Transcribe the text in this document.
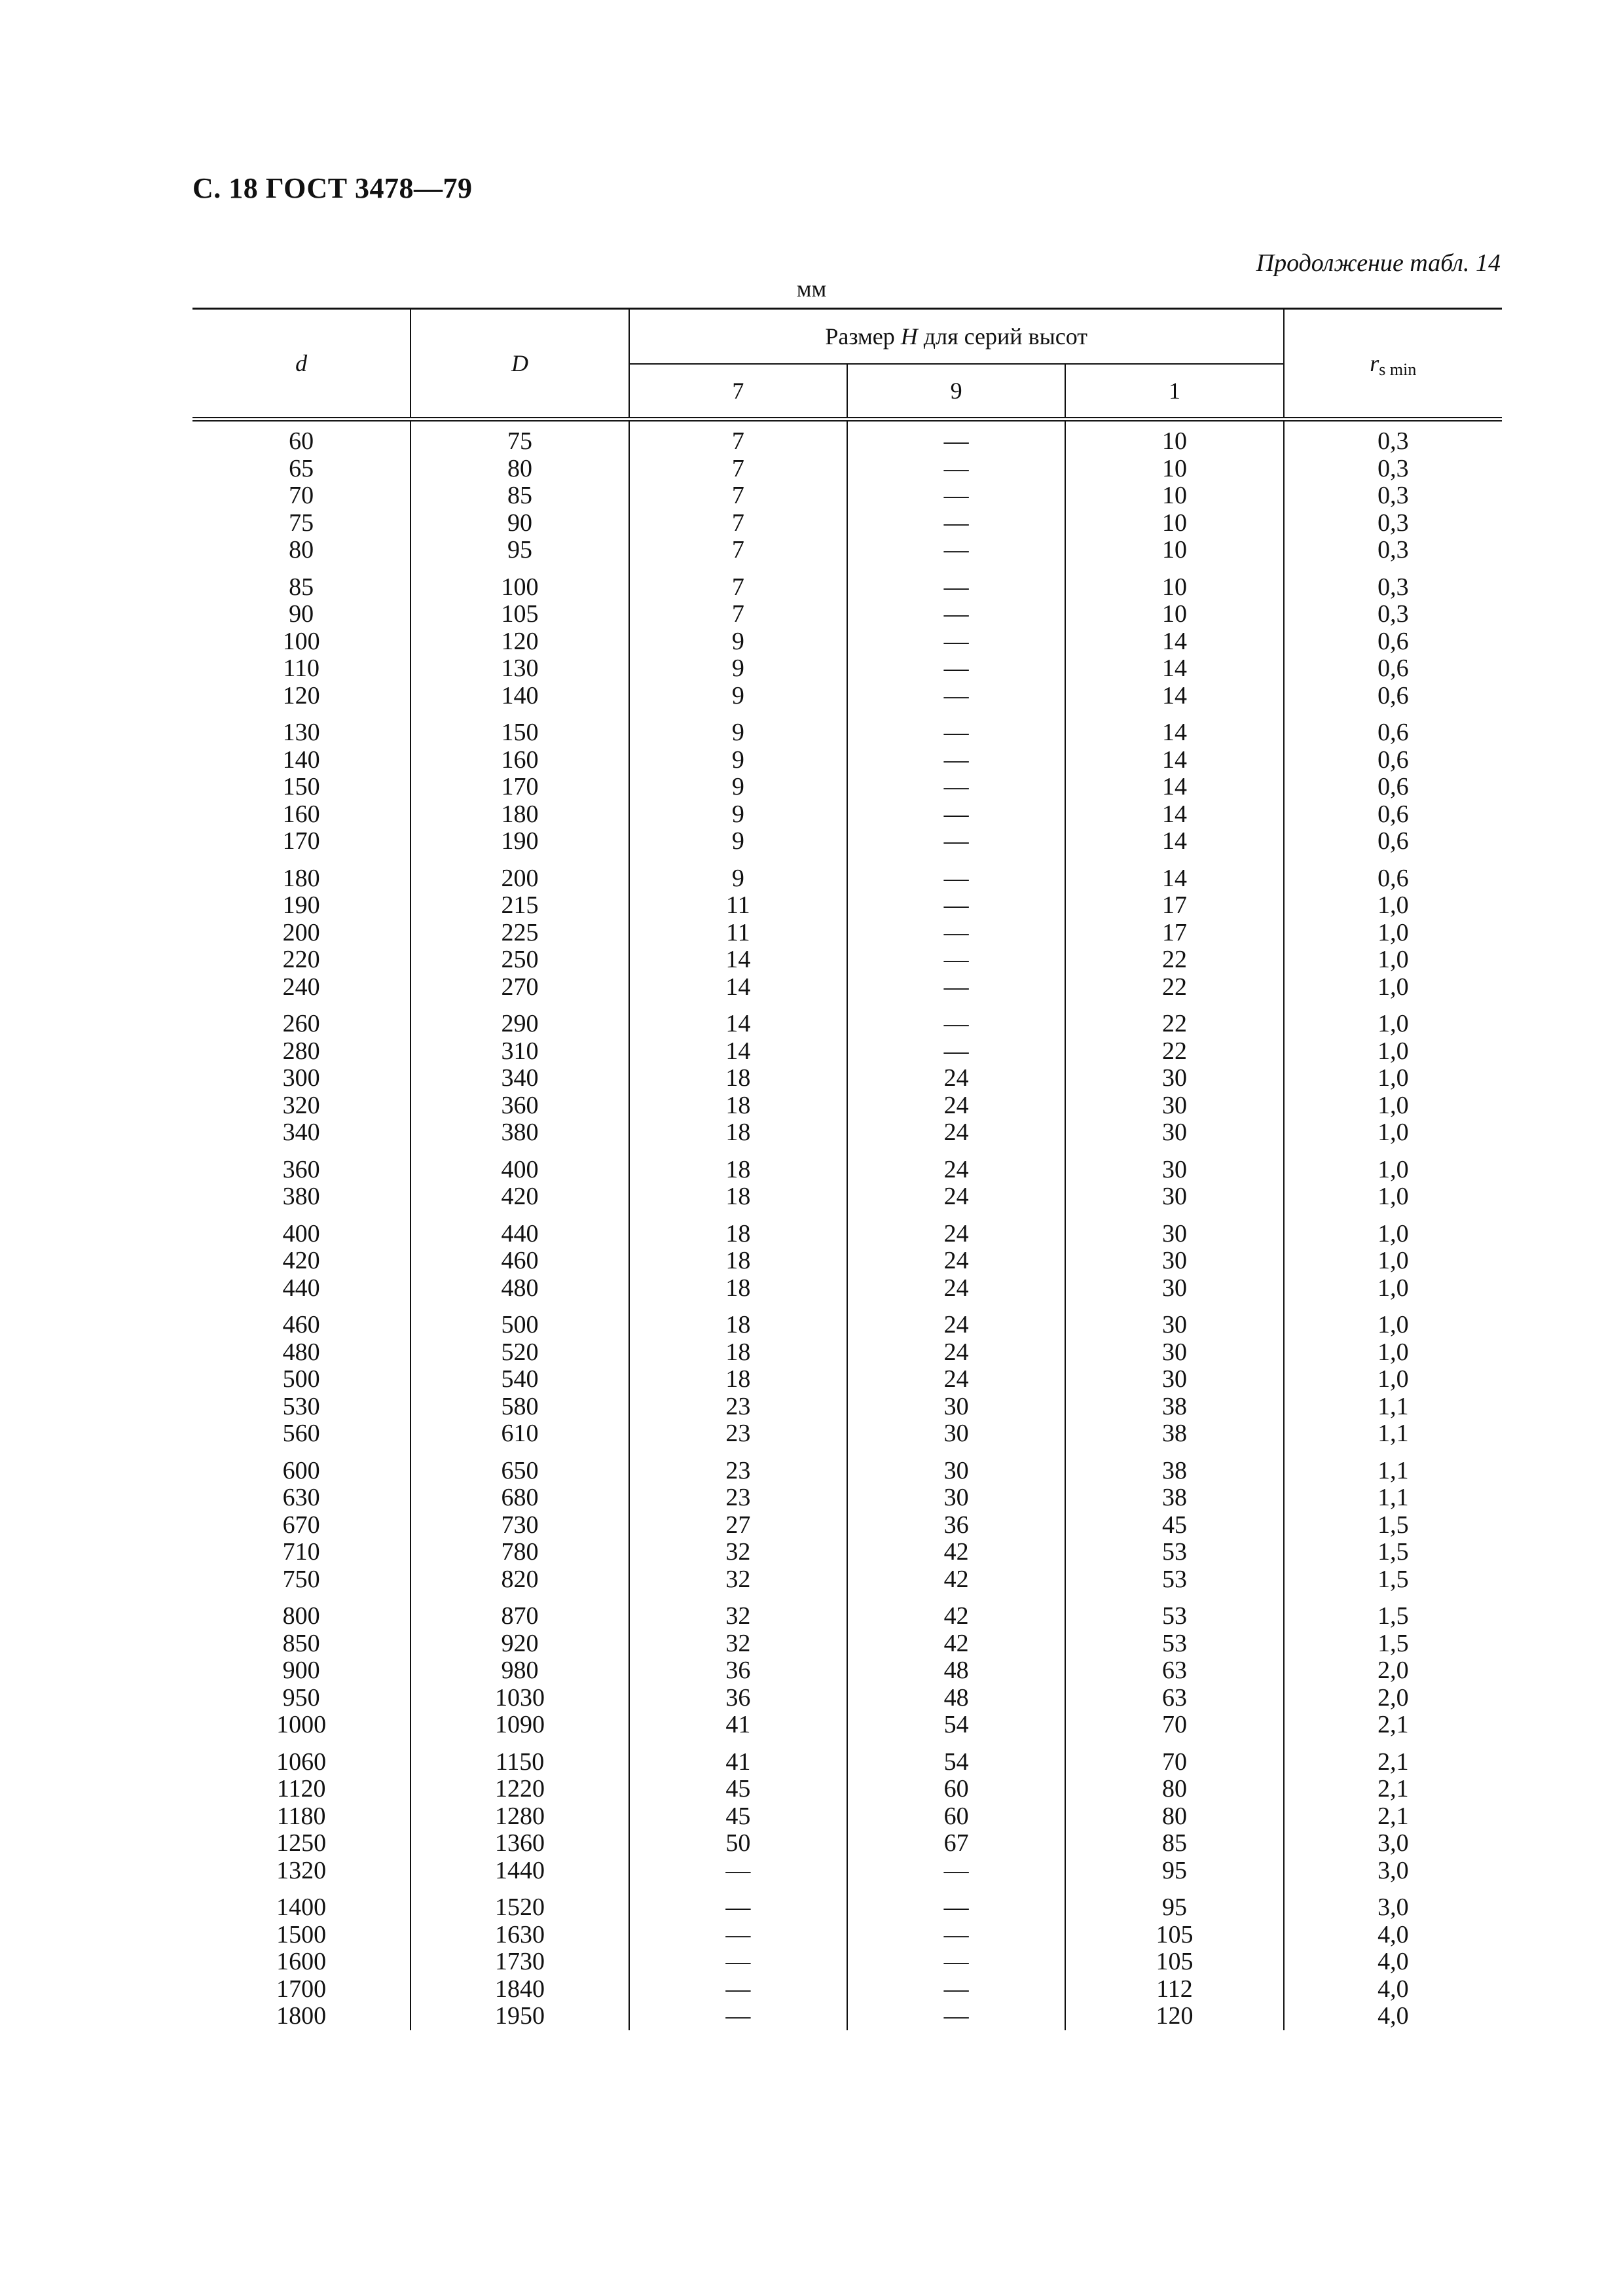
С. 18 ГОСТ 3478—79
Продолжение табл. 14
мм
d	D	Размер H для серий высот			rs min
		7	9	1	
60	75	7	—	10	0,3
65	80	7	—	10	0,3
70	85	7	—	10	0,3
75	90	7	—	10	0,3
80	95	7	—	10	0,3
85	100	7	—	10	0,3
90	105	7	—	10	0,3
100	120	9	—	14	0,6
110	130	9	—	14	0,6
120	140	9	—	14	0,6
130	150	9	—	14	0,6
140	160	9	—	14	0,6
150	170	9	—	14	0,6
160	180	9	—	14	0,6
170	190	9	—	14	0,6
180	200	9	—	14	0,6
190	215	11	—	17	1,0
200	225	11	—	17	1,0
220	250	14	—	22	1,0
240	270	14	—	22	1,0
260	290	14	—	22	1,0
280	310	14	—	22	1,0
300	340	18	24	30	1,0
320	360	18	24	30	1,0
340	380	18	24	30	1,0
360	400	18	24	30	1,0
380	420	18	24	30	1,0
400	440	18	24	30	1,0
420	460	18	24	30	1,0
440	480	18	24	30	1,0
460	500	18	24	30	1,0
480	520	18	24	30	1,0
500	540	18	24	30	1,0
530	580	23	30	38	1,1
560	610	23	30	38	1,1
600	650	23	30	38	1,1
630	680	23	30	38	1,1
670	730	27	36	45	1,5
710	780	32	42	53	1,5
750	820	32	42	53	1,5
800	870	32	42	53	1,5
850	920	32	42	53	1,5
900	980	36	48	63	2,0
950	1030	36	48	63	2,0
1000	1090	41	54	70	2,1
1060	1150	41	54	70	2,1
1120	1220	45	60	80	2,1
1180	1280	45	60	80	2,1
1250	1360	50	67	85	3,0
1320	1440	—	—	95	3,0
1400	1520	—	—	95	3,0
1500	1630	—	—	105	4,0
1600	1730	—	—	105	4,0
1700	1840	—	—	112	4,0
1800	1950	—	—	120	4,0
